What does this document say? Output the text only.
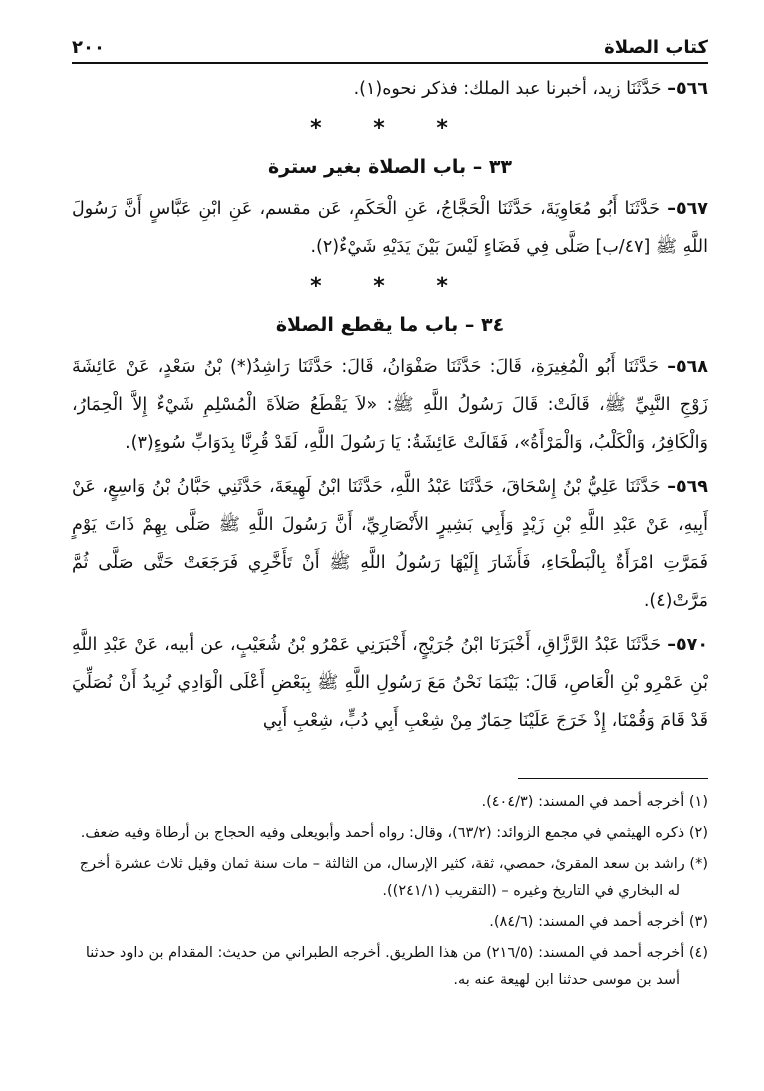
كتاب الصلاة
٢٠٠

٥٦٦– حَدَّثَنَا زيد، أخبرنا عبد الملك: فذكر نحوه(١).

* * *
٣٣ – باب الصلاة بغير سترة

٥٦٧– حَدَّثَنَا أَبُو مُعَاوِيَةَ، حَدَّثَنَا الْحَجَّاجُ، عَنِ الْحَكَمِ، عَن مقسم، عَنِ ابْنِ عَبَّاسٍ أَنَّ رَسُولَ اللَّهِ ﷺ [٤٧/ب] صَلَّى فِي فَضَاءٍ لَيْسَ بَيْنَ يَدَيْهِ شَيْءٌ(٢).

* * *
٣٤ – باب ما يقطع الصلاة

٥٦٨– حَدَّثَنَا أَبُو الْمُغِيرَةِ، قَالَ: حَدَّثَنَا صَفْوَانُ، قَالَ: حَدَّثَنَا رَاشِدُ(*) بْنُ سَعْدٍ، عَنْ عَائِشَةَ زَوْجِ النَّبِيِّ ﷺ، قَالَتْ: قَالَ رَسُولُ اللَّهِ ﷺ: «لاَ يَقْطَعُ صَلاَةَ الْمُسْلِمِ شَيْءٌ إِلاَّ الْحِمَارُ، وَالْكَافِرُ، وَالْكَلْبُ، وَالْمَرْأَةُ»، فَقَالَتْ عَائِشَةُ: يَا رَسُولَ اللَّهِ، لَقَدْ قُرِنَّا بِدَوَابِّ سُوءٍ(٣).

٥٦٩– حَدَّثَنَا عَلِيُّ بْنُ إِسْحَاقَ، حَدَّثَنَا عَبْدُ اللَّهِ، حَدَّثَنَا ابْنُ لَهِيعَةَ، حَدَّثَنِي حَبَّانُ بْنُ وَاسِعٍ، عَنْ أَبِيهِ، عَنْ عَبْدِ اللَّهِ بْنِ زَيْدٍ وَأَبِي بَشِيرٍ الأَنْصَارِيِّ، أَنَّ رَسُولَ اللَّهِ ﷺ صَلَّى بِهِمْ ذَاتَ يَوْمٍ فَمَرَّتِ امْرَأَةٌ بِالْبَطْحَاءِ، فَأَشَارَ إِلَيْهَا رَسُولُ اللَّهِ ﷺ أَنْ تَأَخَّرِي فَرَجَعَتْ حَتَّى صَلَّى ثُمَّ مَرَّتْ(٤).

٥٧٠– حَدَّثَنَا عَبْدُ الرَّزَّاقِ، أَخْبَرَنَا ابْنُ جُرَيْجٍ، أَخْبَرَنِي عَمْرُو بْنُ شُعَيْبٍ، عن أبيه، عَنْ عَبْدِ اللَّهِ بْنِ عَمْرِو بْنِ الْعَاصِ، قَالَ: بَيْنَمَا نَحْنُ مَعَ رَسُولِ اللَّهِ ﷺ بِبَعْضِ أَعْلَى الْوَادِي نُرِيدُ أَنْ نُصَلِّيَ قَدْ قَامَ وَقُمْنَا، إِذْ خَرَجَ عَلَيْنَا حِمَارٌ مِنْ شِعْبِ أَبِي دُبٍّ، شِعْبِ أَبِي

(١) أخرجه أحمد في المسند: (٤٠٤/٣).

(٢) ذكره الهيثمي في مجمع الزوائد: (٦٣/٢)، وقال: رواه أحمد وأبويعلى وفيه الحجاج بن أرطاة وفيه ضعف.

(*) راشد بن سعد المقرئ، حمصي، ثقة، كثير الإرسال، من الثالثة – مات سنة ثمان وقيل ثلاث عشرة أخرج له البخاري في التاريخ وغيره – (التقريب (٢٤١/١)).

(٣) أخرجه أحمد في المسند: (٨٤/٦).

(٤) أخرجه أحمد في المسند: (٢١٦/٥) من هذا الطريق. أخرجه الطبراني من حديث: المقدام بن داود حدثنا أسد بن موسى حدثنا ابن لهيعة عنه به.
